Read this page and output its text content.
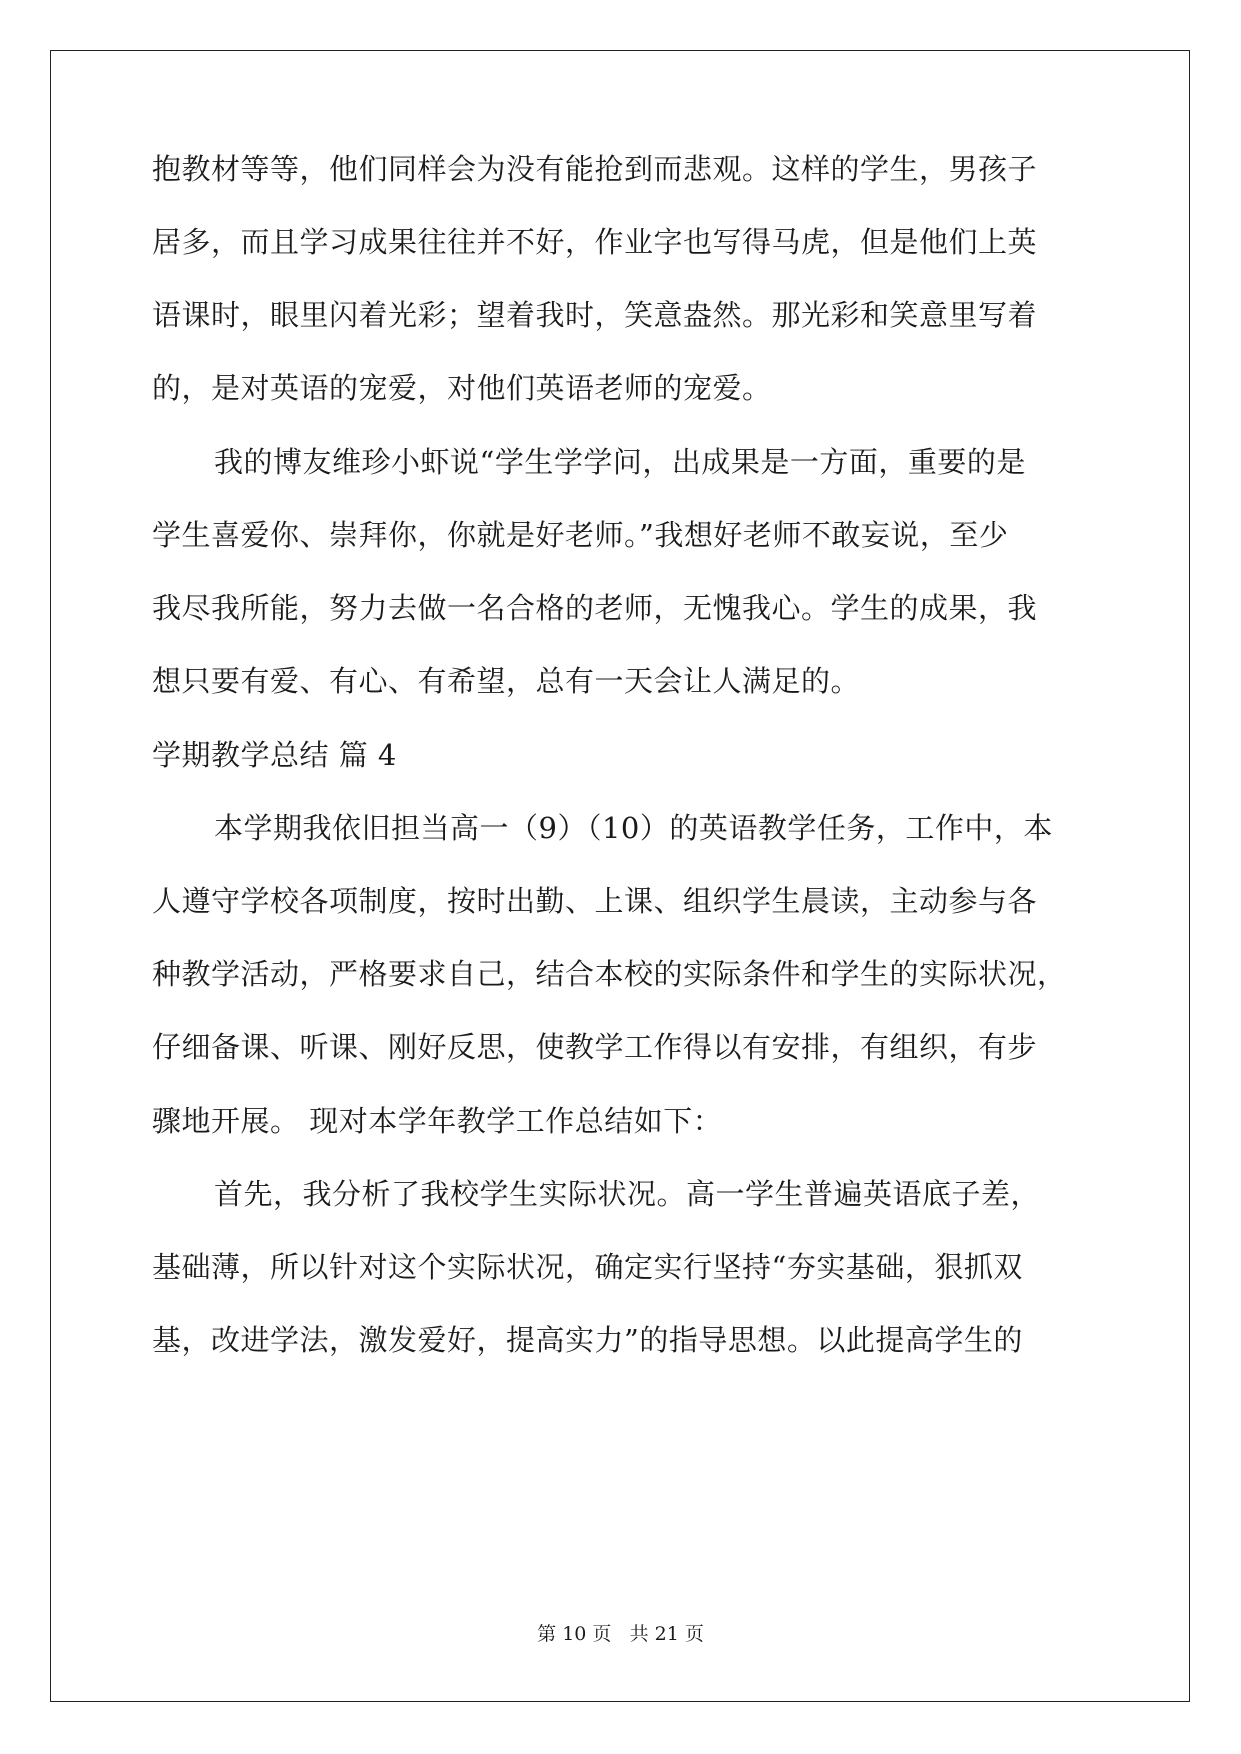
抱教材等等，他们同样会为没有能抢到而悲观。这样的学生，男孩子
居多，而且学习成果往往并不好，作业字也写得马虎，但是他们上英
语课时，眼里闪着光彩；望着我时，笑意盎然。那光彩和笑意里写着
的，是对英语的宠爱，对他们英语老师的宠爱。
我的博友维珍小虾说“学生学学问，出成果是一方面，重要的是
学生喜爱你、崇拜你，你就是好老师。”我想好老师不敢妄说，至少
我尽我所能，努力去做一名合格的老师，无愧我心。学生的成果，我
想只要有爱、有心、有希望，总有一天会让人满足的。
学期教学总结 篇 4
本学期我依旧担当高一（9）（10）的英语教学任务，工作中，本
人遵守学校各项制度，按时出勤、上课、组织学生晨读，主动参与各
种教学活动，严格要求自己，结合本校的实际条件和学生的实际状况，
仔细备课、听课、刚好反思，使教学工作得以有安排，有组织，有步
骤地开展。 现对本学年教学工作总结如下：
首先，我分析了我校学生实际状况。高一学生普遍英语底子差，
基础薄，所以针对这个实际状况，确定实行坚持“夯实基础，狠抓双
基，改进学法，激发爱好，提高实力”的指导思想。以此提高学生的
第 10 页 共 21 页
